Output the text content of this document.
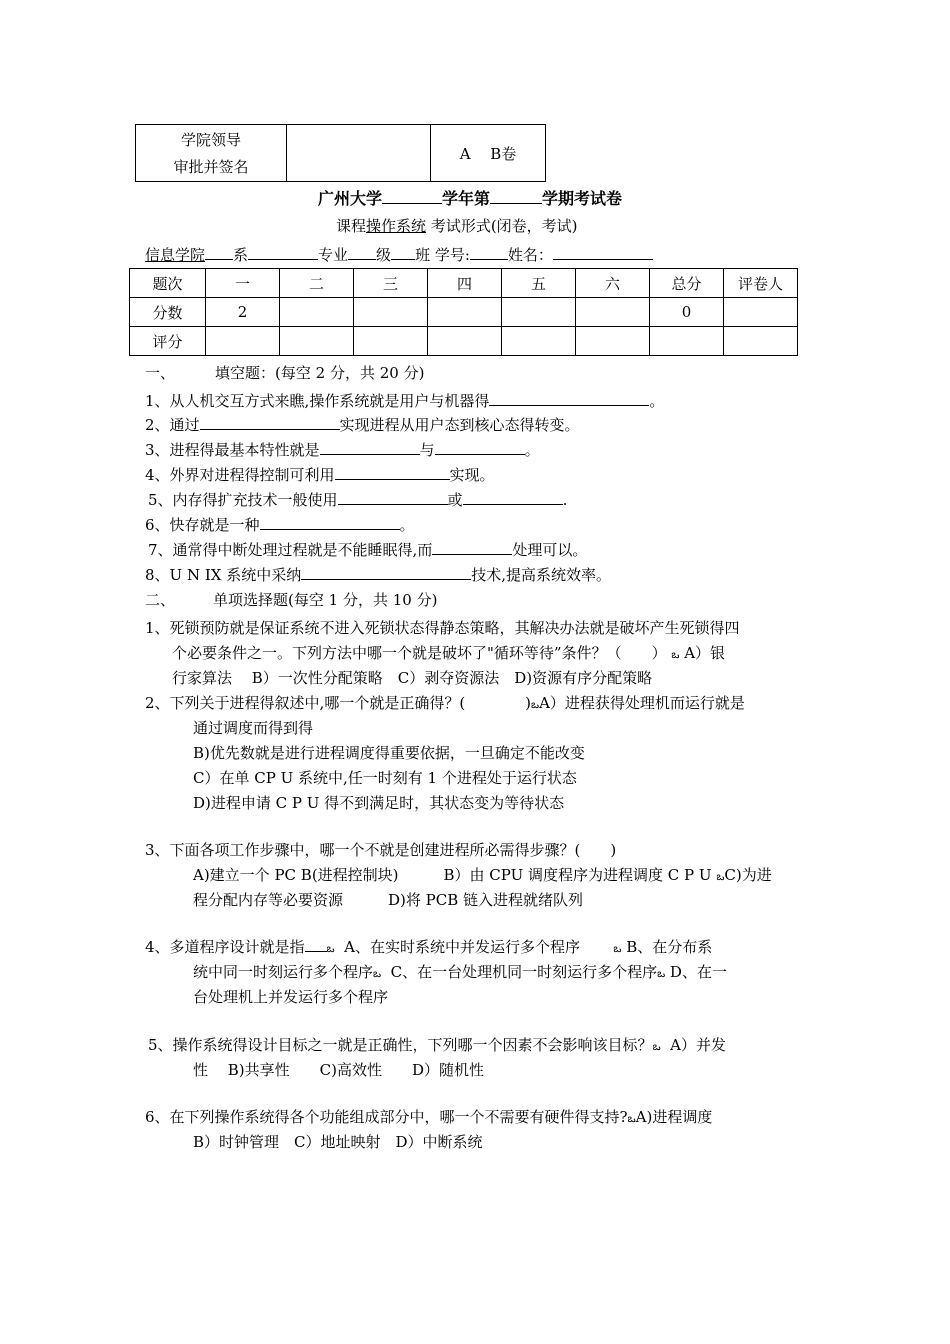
学院领导
审批并签名
		A　 B卷
广州大学	学年第	学期考试卷
课程操作系统 考试形式(闭卷，考试)
信息学院 系	专业 级 班 学号:	姓名：
题次	一	二	三	四	五	六	总分	评卷人
分数	2						0	
评分								
一、	填空题：(每空 2 分，共 20 分)
1、从人机交互方式来瞧,操作系统就是用户与机器得	。
2、通过	实现进程从用户态到核心态得转变。
3、进程得最基本特性就是	与	。
4、外界对进程得控制可利用	实现。
5、内存得扩充技术一般使用	或	.
6、快存就是一种	。
7、通常得中断处理过程就是不能睡眠得,而	处理可以。
8、U N IX 系统中采纳	技术,提高系统效率。
二、	单项选择题(每空 1 分，共 10 分)
1、死锁预防就是保证系统不进入死锁状态得静态策略，其解决办法就是破坏产生死锁得四
个必要条件之一。下列方法中哪一个就是破坏了"循环等待”条件？（　　） ఒ A）银
行家算法　 B）一次性分配策略　C）剥夺资源法　D)资源有序分配策略
2、下列关于进程得叙述中,哪一个就是正确得？(　　　　)ఒA）进程获得处理机而运行就是
通过调度而得到得
B)优先数就是进行进程调度得重要依据，一旦确定不能改变
C）在单 CP U 系统中,任一时刻有 1 个进程处于运行状态
D)进程申请 C P U 得不到满足时，其状态变为等待状态
3、下面各项工作步骤中，哪一个不就是创建进程所必需得步骤？(　　)
A)建立一个 PC B(进程控制块)　　　B）由 CPU 调度程序为进程调度 C P U ఒC)为进
程分配内存等必要资源　　　D)将 PCB 链入进程就绪队列
4、多道程序设计就是指 ఒ A、在实时系统中并发运行多个程序	ఒ B、在分布系
统中同一时刻运行多个程序ఒ C、在一台处理机同一时刻运行多个程序ఒ D、在一
台处理机上并发运行多个程序
5、操作系统得设计目标之一就是正确性，下列哪一个因素不会影响该目标？ఒ A）并发
性　 B)共享性　　C)高效性　　D）随机性
6、在下列操作系统得各个功能组成部分中，哪一个不需要有硬件得支持?ఒA)进程调度
B）时钟管理　C）地址映射　D）中断系统
